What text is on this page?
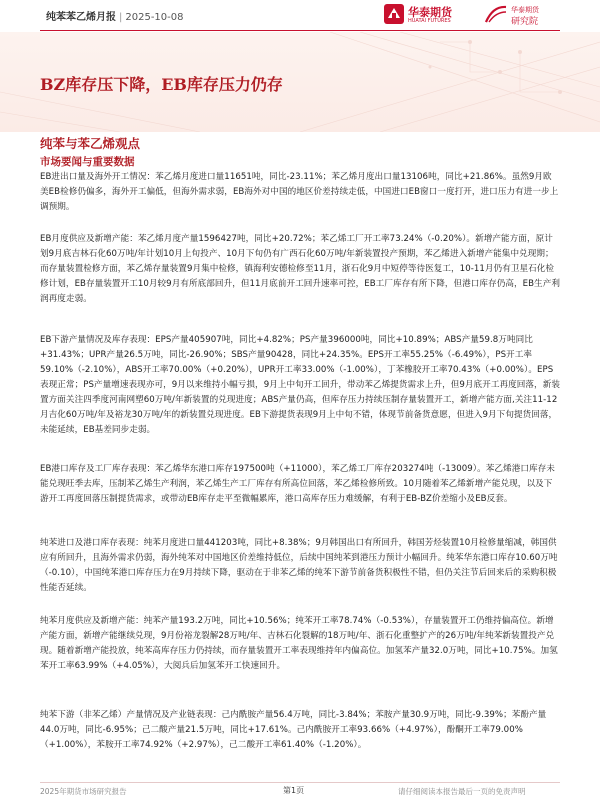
纯苯苯乙烯月报 | 2025-10-08	华泰期货
HUATAI FUTURES
华泰期货
研究院
BZ库存压下降，EB库存压力仍存
纯苯与苯乙烯观点
市场要闻与重要数据
EB进出口量及海外开工情况：苯乙烯月度进口量11651吨，同比-23.11%；苯乙烯月度出口量13106吨，同比+21.86%。虽然9月欧美EB检修仍偏多，海外开工偏低，但海外需求弱，EB海外对中国的地区价差持续走低，中国进口EB窗口一度打开，进口压力有进一步上调预期。
EB月度供应及新增产能：苯乙烯月度产量1596427吨，同比+20.72%；苯乙烯工厂开工率73.24%（-0.20%）。新增产能方面，原计划9月底吉林石化60万吨/年计划10月上旬投产、10月下旬仍有广西石化60万吨/年新装置投产预期，苯乙烯进入新增产能集中兑现期；而存量装置检修方面，苯乙烯存量装置9月集中检修，镇海利安德检修至11月，浙石化9月中短停等待医复工，10-11月仍有卫星石化检修计划，EB存量装置开工10月较9月有所底部回升，但11月底前开工回升速率可控，EB工厂库存有所下降，但港口库存仍高，EB生产利润再度走弱。
EB下游产量情况及库存表现：EPS产量405907吨，同比+4.82%；PS产量396000吨，同比+10.89%；ABS产量59.8万吨同比+31.43%；UPR产量26.5万吨，同比-26.90%；SBS产量90428，同比+24.35%。EPS开工率55.25%（-6.49%），PS开工率59.10%（-2.10%），ABS开工率70.00%（+0.20%），UPR开工率33.00%（-1.00%），丁苯橡胶开工率70.43%（+0.00%）。EPS表现正常；PS产量增速表现亦可，9月以来维持小幅亏损，9月上中旬开工回升，带动苯乙烯提货需求上升，但9月底开工再度回落，新装置方面关注四季度河南网塑60万吨/年新装置的兑现进度；ABS产量仍高，但库存压力持续压制存量装置开工，新增产能方面,关注11-12月吉化60万吨/年及裕龙30万吨/年的新装置兑现进度。EB下游提货表现9月上中旬不错，体现节前备货意愿，但进入9月下旬提货回落，未能延续，EB基差同步走弱。
EB港口库存及工厂库存表现：苯乙烯华东港口库存197500吨（+11000），苯乙烯工厂库存203274吨（-13009）。苯乙烯港口库存未能兑现旺季去库，压制苯乙烯生产利润，苯乙烯生产工厂库存有所高位回落，苯乙烯检修所致。10月随着苯乙烯新增产能兑现，以及下游开工再度回落压制提货需求，或带动EB库存走平至微幅累库，港口高库存压力难缓解，有利于EB-BZ价差缩小及EB反套。
纯苯进口及港口库存表现：纯苯月度进口量441203吨，同比+8.38%；9月韩国出口有所回升，韩国芳烃装置10月检修量缩减，韩国供应有所回升，且海外需求仍弱，海外纯苯对中国地区价差维持低位，后续中国纯苯到港压力预计小幅回升。纯苯华东港口库存10.60万吨（-0.10），中国纯苯港口库存压力在9月持续下降，驱动在于非苯乙烯的纯苯下游节前备货积极性不错，但仍关注节后回来后的采购积极性能否延续。
纯苯月度供应及新增产能：纯苯产量193.2万吨，同比+10.56%；纯苯开工率78.74%（-0.53%），存量装置开工仍维持偏高位。新增产能方面，新增产能继续兑现，9月份裕龙裂解28万吨/年、吉林石化裂解的18万吨/年、浙石化重整扩产的26万吨/年纯苯新装置投产兑现。随着新增产能投放，纯苯高库存压力仍持续，而存量装置开工率表现维持年内偏高位。加氢苯产量32.0万吨，同比+10.75%。加氢苯开工率63.99%（+4.05%），大阅兵后加氢苯开工快速回升。
纯苯下游（非苯乙烯）产量情况及产业链表现：己内酰胺产量56.4万吨，同比-3.84%；苯胺产量30.9万吨，同比-9.39%；苯酚产量44.0万吨，同比-6.95%；己二酸产量21.5万吨，同比+17.61%。己内酰胺开工率93.66%（+4.97%），酚酮开工率79.00%（+1.00%），苯胺开工率74.92%（+2.97%），己二酸开工率61.40%（-1.20%）。
2025年期货市场研究报告	第1页	请仔细阅读本报告最后一页的免责声明
